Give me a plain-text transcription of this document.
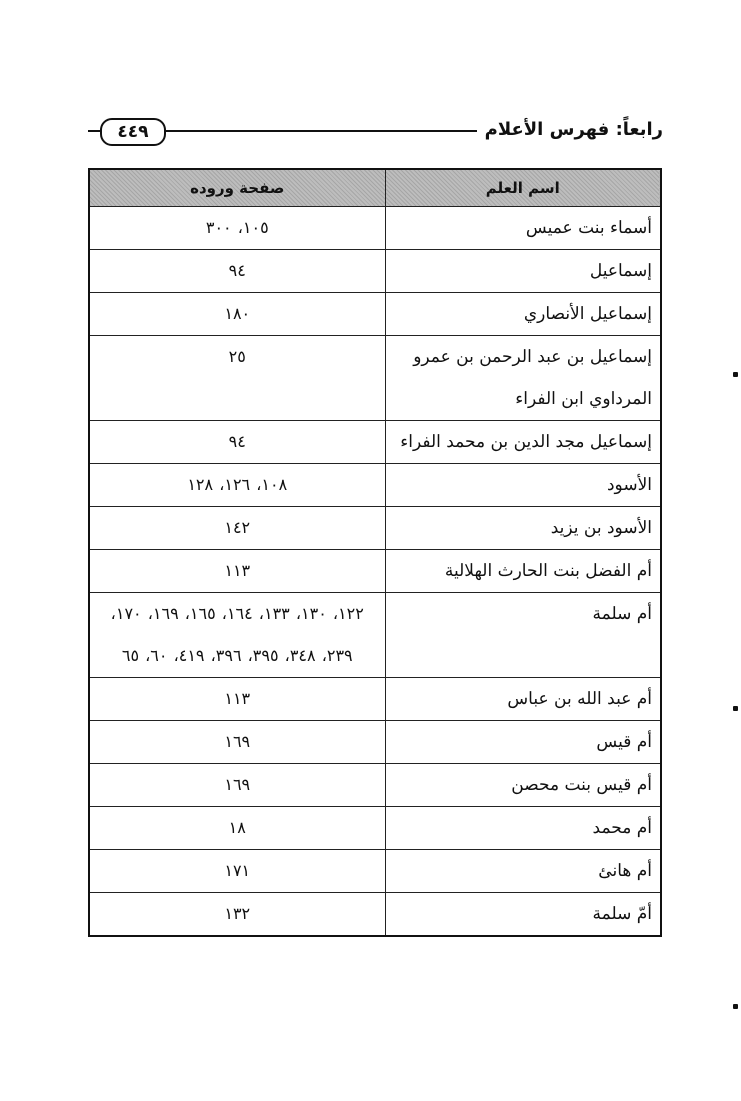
٤٤٩	رابعاً: فهرس الأعلام
اسم العلم	صفحة وروده
أسماء بنت عميس	١٠٥، ٣٠٠
إسماعيل	٩٤
إسماعيل الأنصاري	١٨٠
إسماعيل بن عبد الرحمن بن عمرو المرداوي ابن الفراء	٢٥
إسماعيل مجد الدين بن محمد الفراء	٩٤
الأسود	١٠٨، ١٢٦، ١٢٨
الأسود بن يزيد	١٤٢
أم الفضل بنت الحارث الهلالية	١١٣
أم سلمة	١٢٢، ١٣٠، ١٣٣، ١٦٤، ١٦٥، ١٦٩، ١٧٠، ٢٣٩، ٣٤٨، ٣٩٥، ٣٩٦، ٤١٩، ٦٠، ٦٥
أم عبد الله بن عباس	١١٣
أم قيس	١٦٩
أم قيس بنت محصن	١٦٩
أم محمد	١٨
أم هانئ	١٧١
أمّ سلمة	١٣٢
